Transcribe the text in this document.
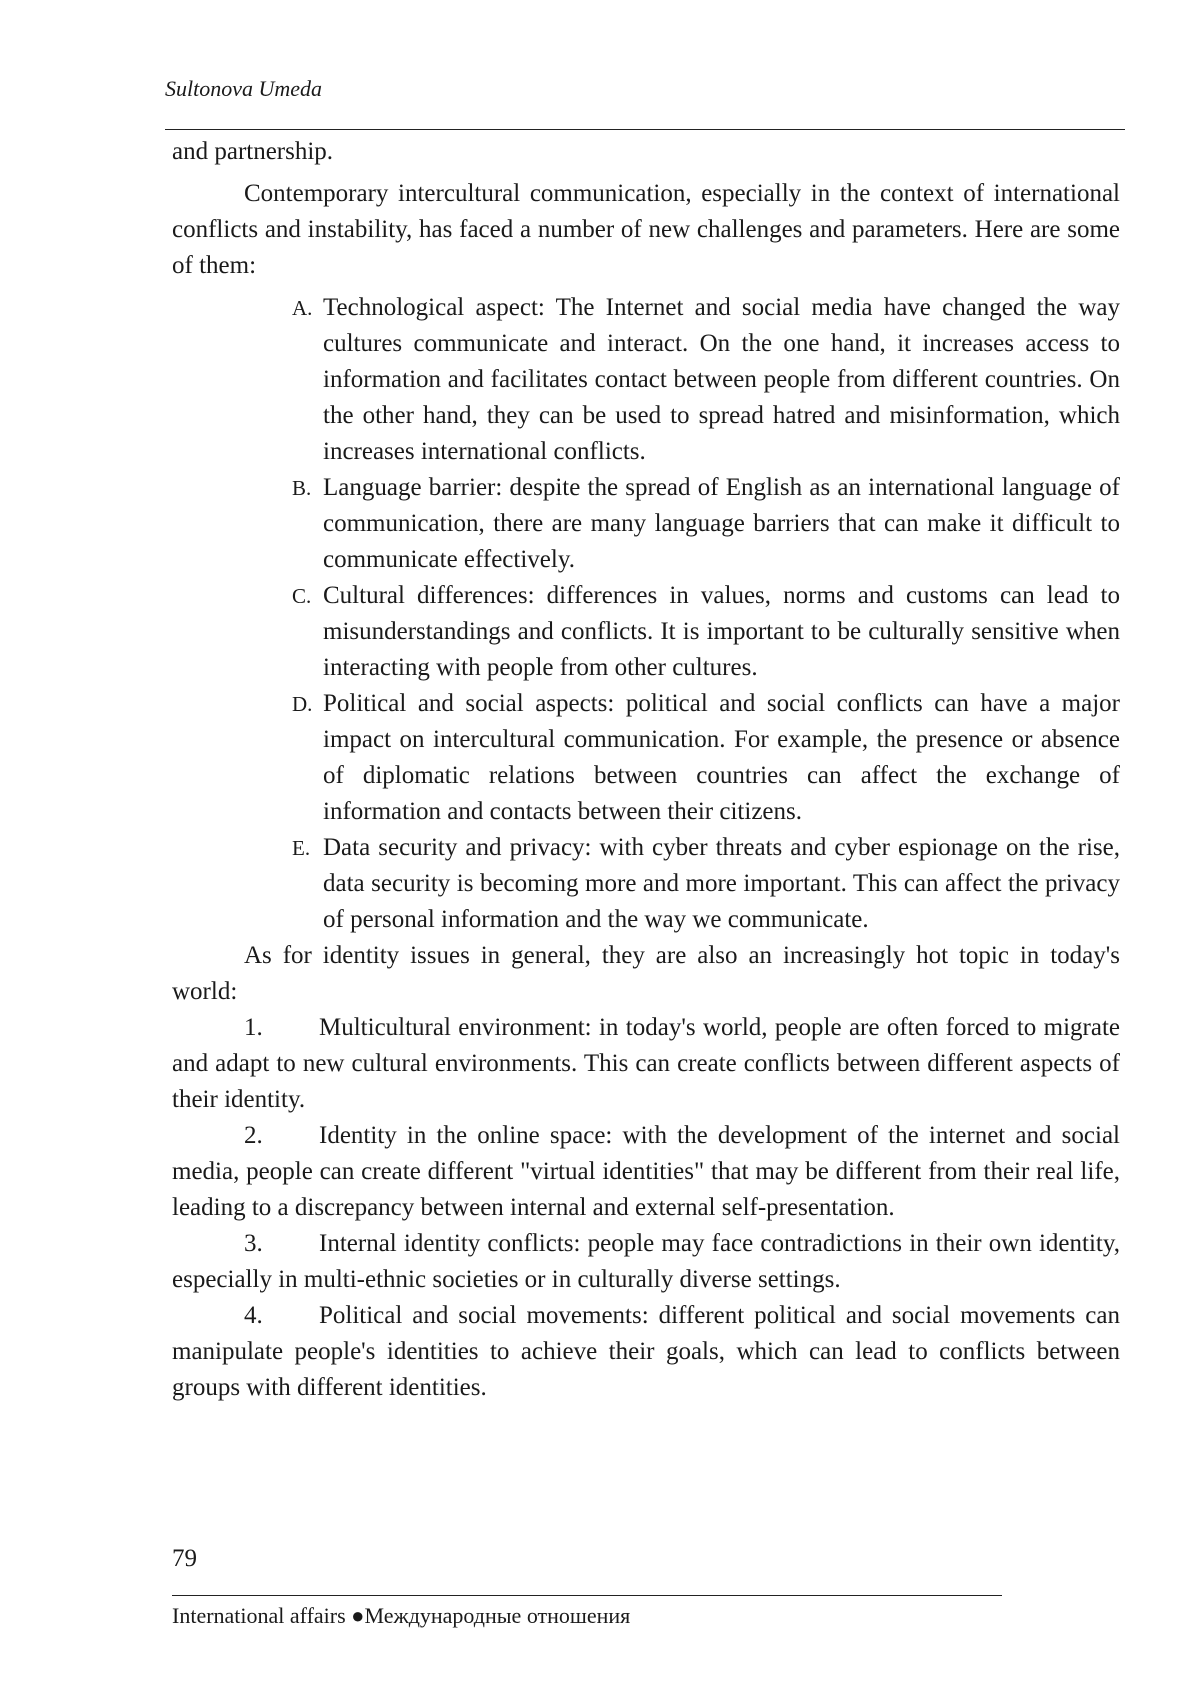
Sultonova Umeda

and partnership.

Contemporary intercultural communication, especially in the context of international conflicts and instability, has faced a number of new challenges and parameters. Here are some of them:

A. Technological aspect: The Internet and social media have changed the way cultures communicate and interact. On the one hand, it increases access to information and facilitates contact between people from different countries. On the other hand, they can be used to spread hatred and misinformation, which increases international conflicts.
B. Language barrier: despite the spread of English as an international language of communication, there are many language barriers that can make it difficult to communicate effectively.
C. Cultural differences: differences in values, norms and customs can lead to misunderstandings and conflicts. It is important to be culturally sensitive when interacting with people from other cultures.
D. Political and social aspects: political and social conflicts can have a major impact on intercultural communication. For example, the presence or absence of diplomatic relations between countries can affect the exchange of information and contacts between their citizens.
E. Data security and privacy: with cyber threats and cyber espionage on the rise, data security is becoming more and more important. This can affect the privacy of personal information and the way we communicate.

As for identity issues in general, they are also an increasingly hot topic in today's world:

1. Multicultural environment: in today's world, people are often forced to migrate and adapt to new cultural environments. This can create conflicts between different aspects of their identity.

2. Identity in the online space: with the development of the internet and social media, people can create different "virtual identities" that may be different from their real life, leading to a discrepancy between internal and external self-presentation.

3. Internal identity conflicts: people may face contradictions in their own identity, especially in multi-ethnic societies or in culturally diverse settings.

4. Political and social movements: different political and social movements can manipulate people's identities to achieve their goals, which can lead to conflicts between groups with different identities.

79
International affairs ●Международные отношения
